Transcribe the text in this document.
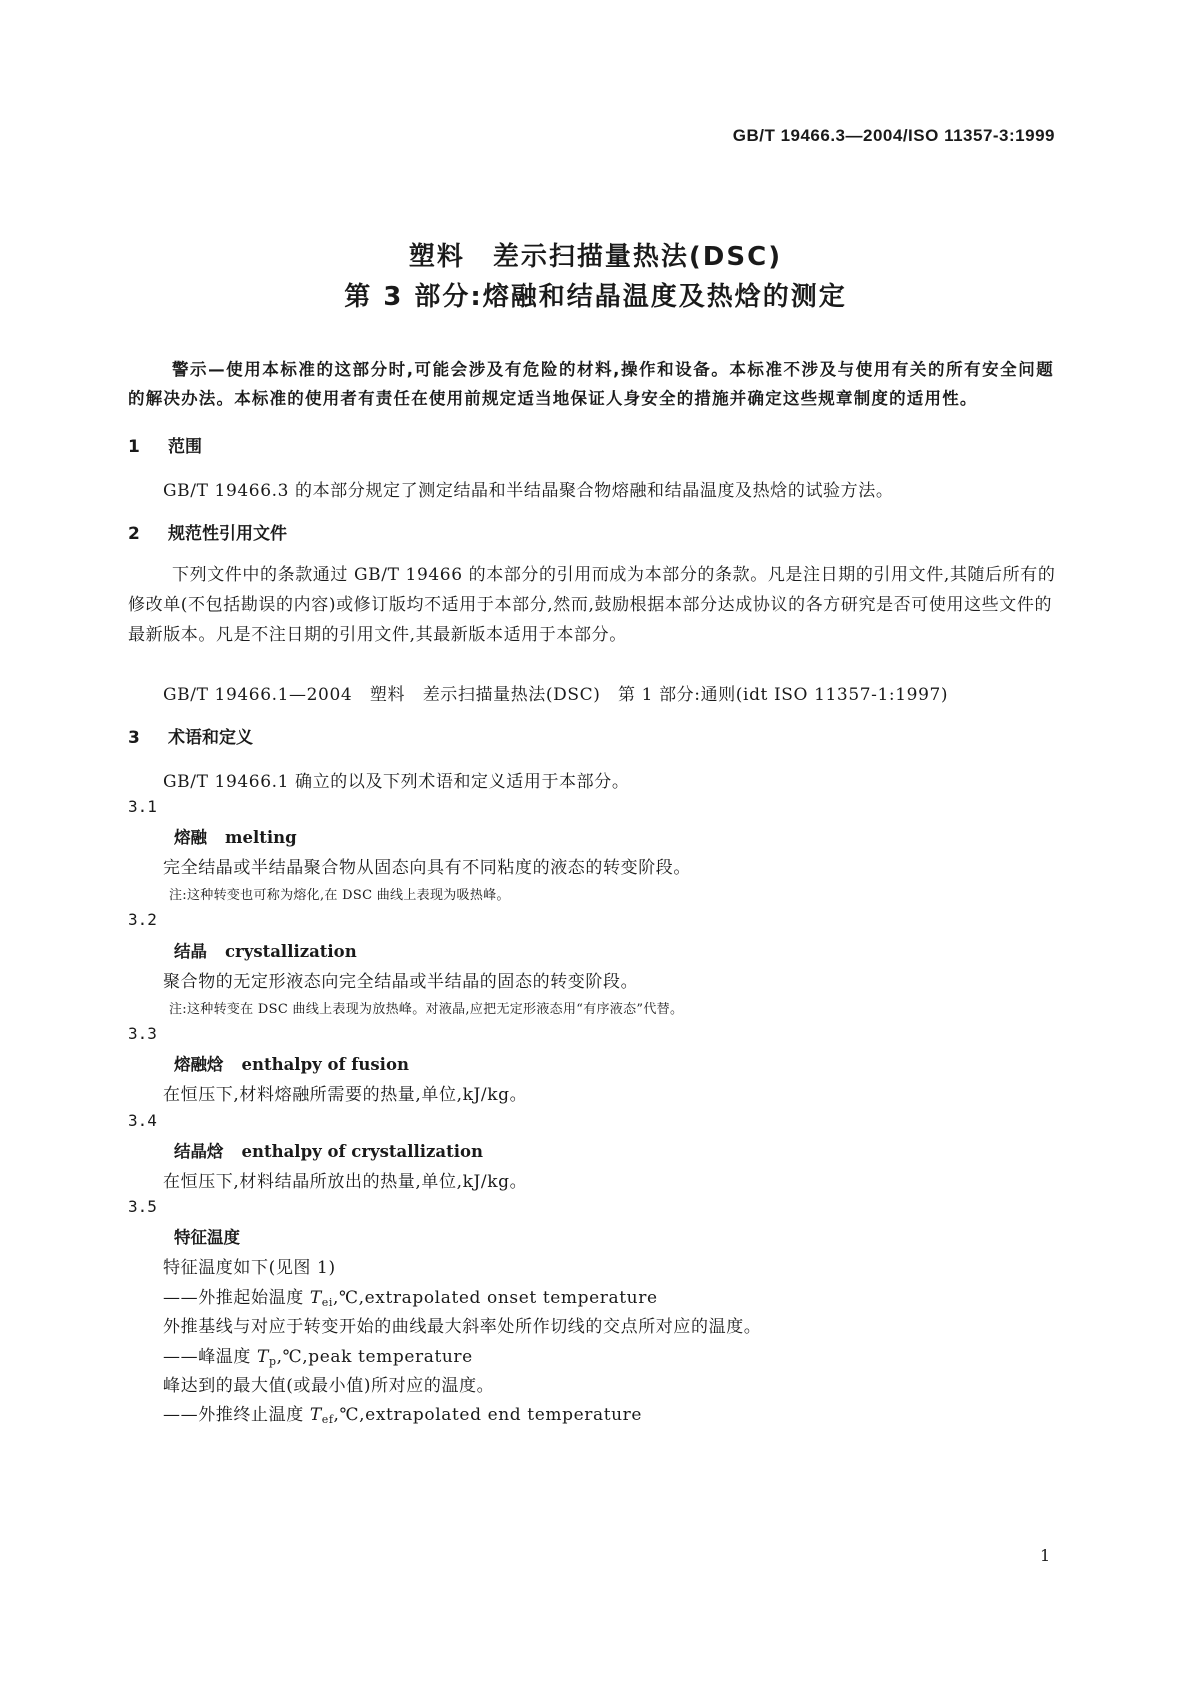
GB/T 19466.3—2004/ISO 11357-3:1999
塑料　差示扫描量热法(DSC)
第 3 部分:熔融和结晶温度及热焓的测定
警示—使用本标准的这部分时,可能会涉及有危险的材料,操作和设备。本标准不涉及与使用有关的所有安全问题的解决办法。本标准的使用者有责任在使用前规定适当地保证人身安全的措施并确定这些规章制度的适用性。
1 范围
GB/T 19466.3 的本部分规定了测定结晶和半结晶聚合物熔融和结晶温度及热焓的试验方法。
2 规范性引用文件
下列文件中的条款通过 GB/T 19466 的本部分的引用而成为本部分的条款。凡是注日期的引用文件,其随后所有的修改单(不包括勘误的内容)或修订版均不适用于本部分,然而,鼓励根据本部分达成协议的各方研究是否可使用这些文件的最新版本。凡是不注日期的引用文件,其最新版本适用于本部分。
GB/T 19466.1—2004　塑料　差示扫描量热法(DSC)　第 1 部分:通则(idt ISO 11357-1:1997)
3 术语和定义
GB/T 19466.1 确立的以及下列术语和定义适用于本部分。
3.1
熔融 melting
完全结晶或半结晶聚合物从固态向具有不同粘度的液态的转变阶段。
注:这种转变也可称为熔化,在 DSC 曲线上表现为吸热峰。
3.2
结晶 crystallization
聚合物的无定形液态向完全结晶或半结晶的固态的转变阶段。
注:这种转变在 DSC 曲线上表现为放热峰。对液晶,应把无定形液态用“有序液态”代替。
3.3
熔融焓 enthalpy of fusion
在恒压下,材料熔融所需要的热量,单位,kJ/kg。
3.4
结晶焓 enthalpy of crystallization
在恒压下,材料结晶所放出的热量,单位,kJ/kg。
3.5
特征温度
特征温度如下(见图 1)
——外推起始温度 $T_{ei},℃,extrapolated$ onset temperature
外推基线与对应于转变开始的曲线最大斜率处所作切线的交点所对应的温度。
——峰温度 $T_p,℃,peak$ temperature
峰达到的最大值(或最小值)所对应的温度。
——外推终止温度 $T_{ef},℃,extrapolated$ end temperature
1
